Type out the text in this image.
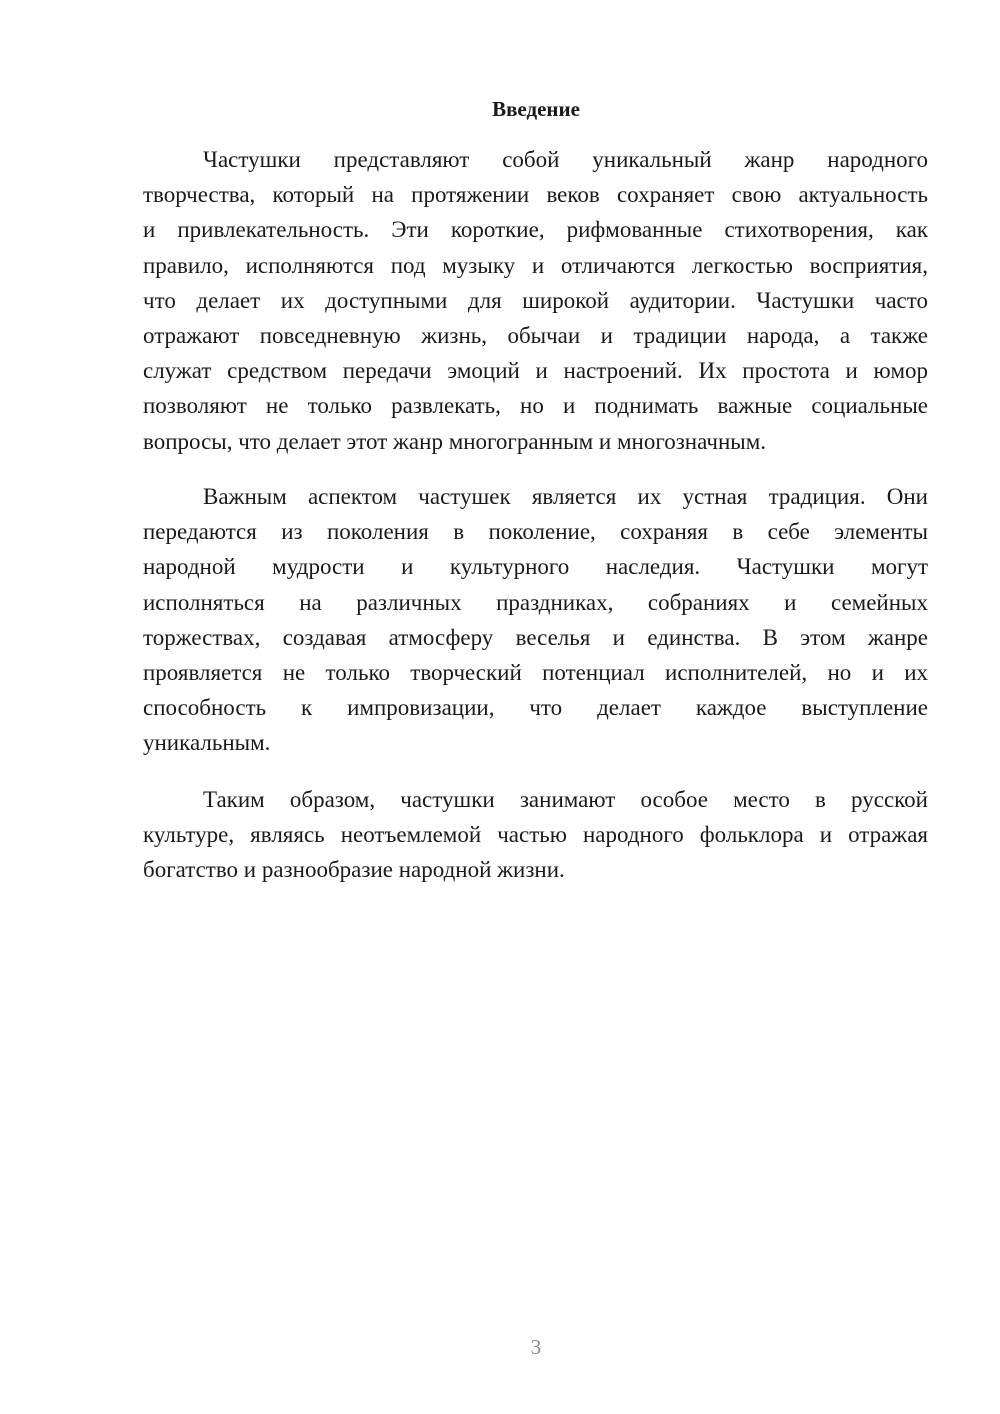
Введение
Частушки представляют собой уникальный жанр народного
творчества, который на протяжении веков сохраняет свою актуальность
и привлекательность. Эти короткие, рифмованные стихотворения, как
правило, исполняются под музыку и отличаются легкостью восприятия,
что делает их доступными для широкой аудитории. Частушки часто
отражают повседневную жизнь, обычаи и традиции народа, а также
служат средством передачи эмоций и настроений. Их простота и юмор
позволяют не только развлекать, но и поднимать важные социальные
вопросы, что делает этот жанр многогранным и многозначным.
Важным аспектом частушек является их устная традиция. Они
передаются из поколения в поколение, сохраняя в себе элементы
народной мудрости и культурного наследия. Частушки могут
исполняться на различных праздниках, собраниях и семейных
торжествах, создавая атмосферу веселья и единства. В этом жанре
проявляется не только творческий потенциал исполнителей, но и их
способность к импровизации, что делает каждое выступление
уникальным.
Таким образом, частушки занимают особое место в русской
культуре, являясь неотъемлемой частью народного фольклора и отражая
богатство и разнообразие народной жизни.
3
